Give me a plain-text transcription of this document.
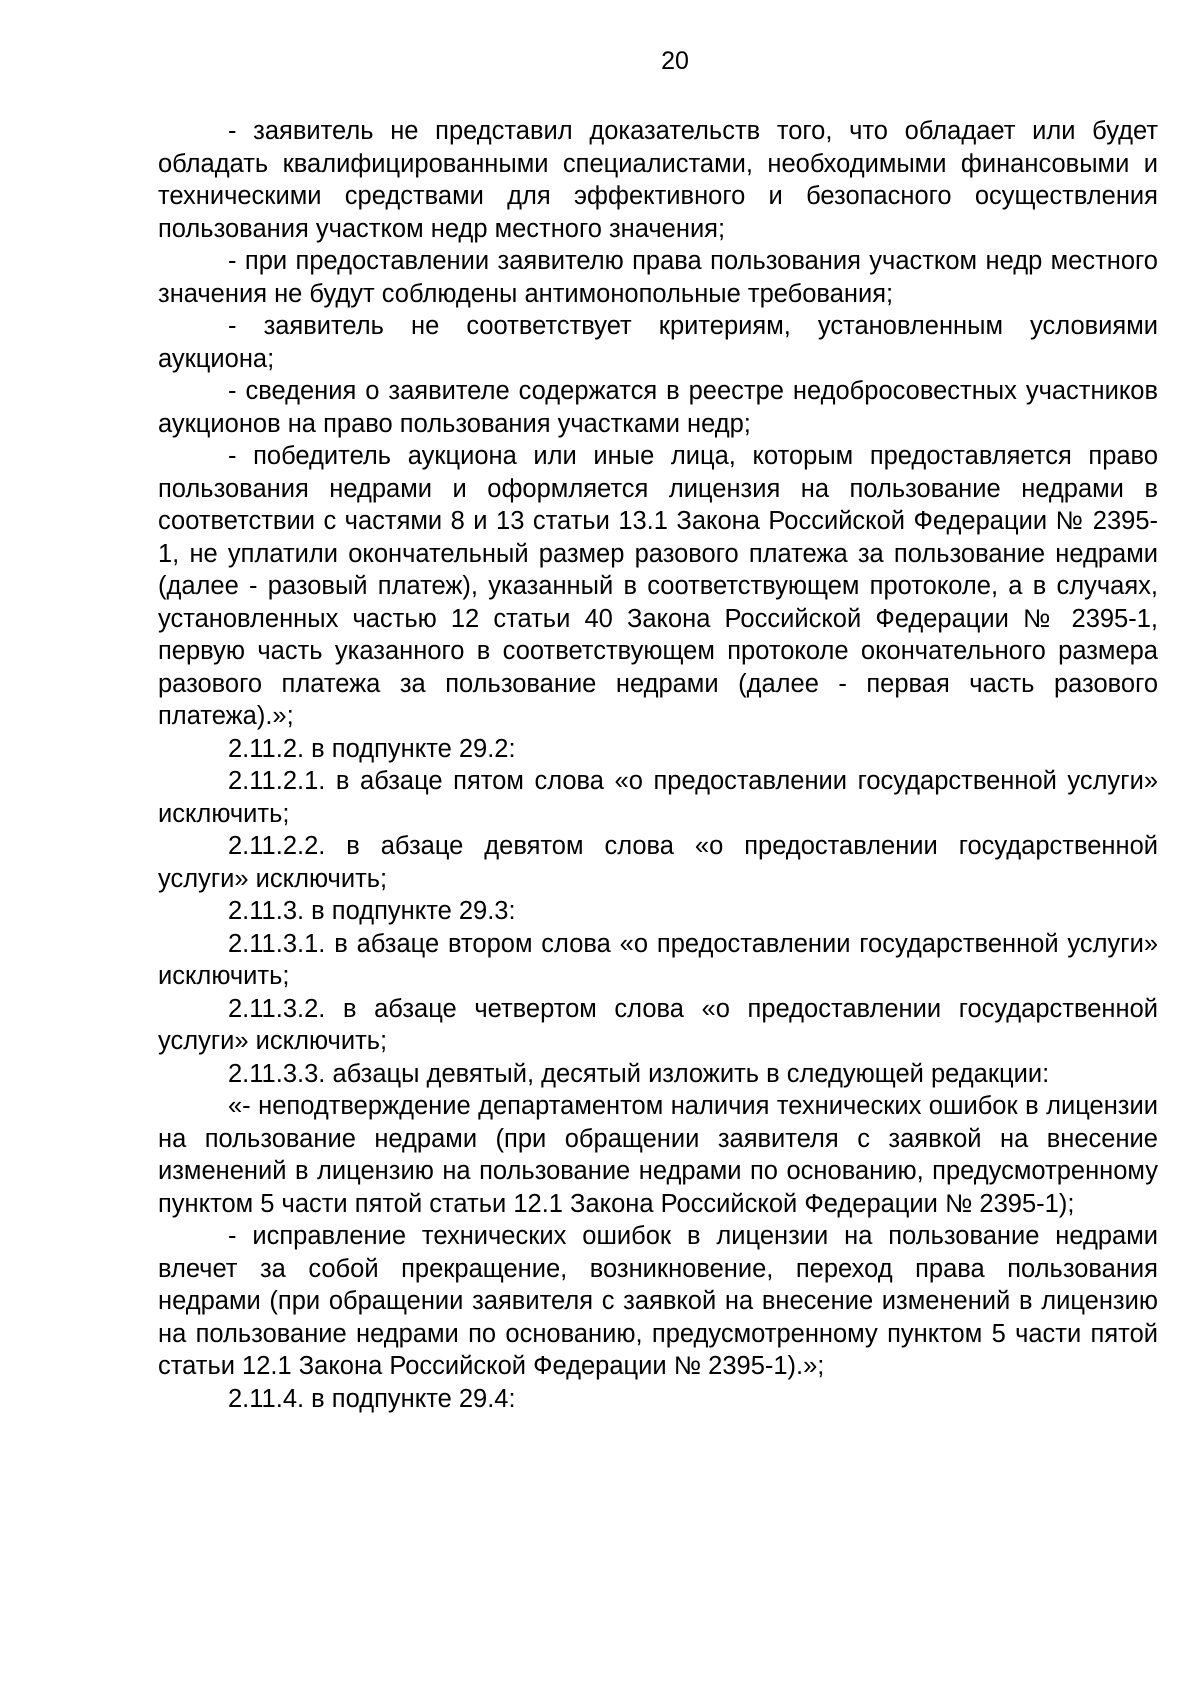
20

- заявитель не представил доказательств того, что обладает или будет обладать квалифицированными специалистами, необходимыми финансовыми и техническими средствами для эффективного и безопасного осуществления пользования участком недр местного значения;

- при предоставлении заявителю права пользования участком недр местного значения не будут соблюдены антимонопольные требования;

- заявитель не соответствует критериям, установленным условиями аукциона;

- сведения о заявителе содержатся в реестре недобросовестных участников аукционов на право пользования участками недр;

- победитель аукциона или иные лица, которым предоставляется право пользования недрами и оформляется лицензия на пользование недрами в соответствии с частями 8 и 13 статьи 13.1 Закона Российской Федерации № 2395-1, не уплатили окончательный размер разового платежа за пользование недрами (далее - разовый платеж), указанный в соответствующем протоколе, а в случаях, установленных частью 12 статьи 40 Закона Российской Федерации № 2395-1, первую часть указанного в соответствующем протоколе окончательного размера разового платежа за пользование недрами (далее - первая часть разового платежа).»;

2.11.2. в подпункте 29.2:

2.11.2.1. в абзаце пятом слова «о предоставлении государственной услуги» исключить;

2.11.2.2. в абзаце девятом слова «о предоставлении государственной услуги» исключить;

2.11.3. в подпункте 29.3:

2.11.3.1. в абзаце втором слова «о предоставлении государственной услуги» исключить;

2.11.3.2. в абзаце четвертом слова «о предоставлении государственной услуги» исключить;

2.11.3.3. абзацы девятый, десятый изложить в следующей редакции:

«- неподтверждение департаментом наличия технических ошибок в лицензии на пользование недрами (при обращении заявителя с заявкой на внесение изменений в лицензию на пользование недрами по основанию, предусмотренному пунктом 5 части пятой статьи 12.1 Закона Российской Федерации № 2395-1);

- исправление технических ошибок в лицензии на пользование недрами влечет за собой прекращение, возникновение, переход права пользования недрами (при обращении заявителя с заявкой на внесение изменений в лицензию на пользование недрами по основанию, предусмотренному пунктом 5 части пятой статьи 12.1 Закона Российской Федерации № 2395-1).»;

2.11.4. в подпункте 29.4:
